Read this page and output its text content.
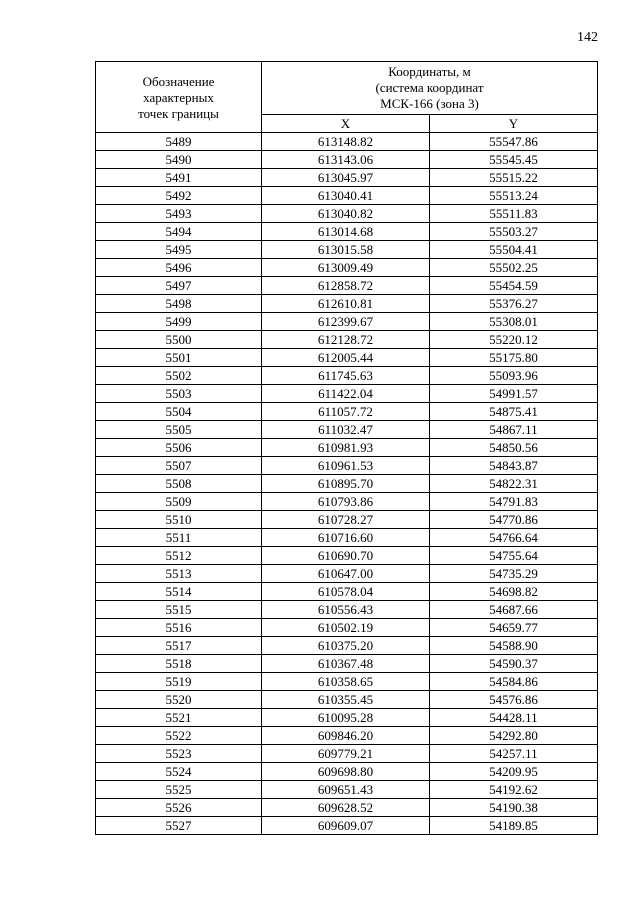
142
Обозначение
характерных
точек границы	Координаты, м
(система координат
МСК-166 (зона 3)	

	X	Y
5489	613148.82	55547.86
5490	613143.06	55545.45
5491	613045.97	55515.22
5492	613040.41	55513.24
5493	613040.82	55511.83
5494	613014.68	55503.27
5495	613015.58	55504.41
5496	613009.49	55502.25
5497	612858.72	55454.59
5498	612610.81	55376.27
5499	612399.67	55308.01
5500	612128.72	55220.12
5501	612005.44	55175.80
5502	611745.63	55093.96
5503	611422.04	54991.57
5504	611057.72	54875.41
5505	611032.47	54867.11
5506	610981.93	54850.56
5507	610961.53	54843.87
5508	610895.70	54822.31
5509	610793.86	54791.83
5510	610728.27	54770.86
5511	610716.60	54766.64
5512	610690.70	54755.64
5513	610647.00	54735.29
5514	610578.04	54698.82
5515	610556.43	54687.66
5516	610502.19	54659.77
5517	610375.20	54588.90
5518	610367.48	54590.37
5519	610358.65	54584.86
5520	610355.45	54576.86
5521	610095.28	54428.11
5522	609846.20	54292.80
5523	609779.21	54257.11
5524	609698.80	54209.95
5525	609651.43	54192.62
5526	609628.52	54190.38
5527	609609.07	54189.85
